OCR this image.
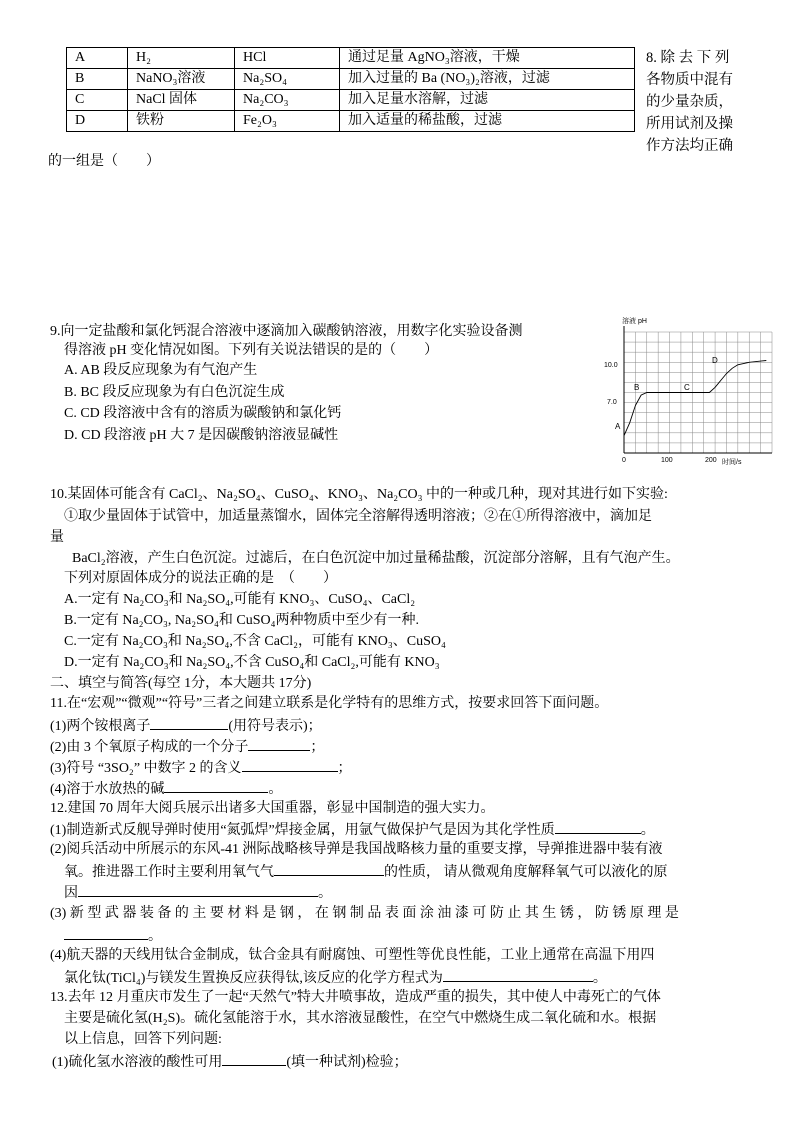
A	H₂	HCl	通过足量 AgNO₃溶液，干燥
B	NaNO₃溶液	Na₂SO₄	加入过量的 Ba (NO₃)₂溶液，过滤
C	NaCl 固体	Na₂CO₃	加入足量水溶解，过滤
D	铁粉	Fe₂O₃	加入适量的稀盐酸，过滤
8. 除 去 下 列
各物质中混有
的少量杂质，
所用试剂及操
作方法均正确
的一组是（　　）
9.向一定盐酸和氯化钙混合溶液中逐滴加入碳酸钠溶液，用数字化实验设备测
得溶液 pH 变化情况如图。下列有关说法错误的是的（　　）
A. AB 段反应现象为有气泡产生
B. BC 段反应现象为有白色沉淀生成
C. CD 段溶液中含有的溶质为碳酸钠和氯化钙
D. CD 段溶液 pH 大 7 是因碳酸钠溶液显碱性
溶液 pH
7.0
10.0
0	100	200 时间/s
A
B	C
D
10.某固体可能含有 CaCl₂、Na₂SO₄、CuSO₄、KNO₃、Na₂CO₃ 中的一种或几种，现对其进行如下实验:
①取少量固体于试管中，加适量蒸馏水，固体完全溶解得透明溶液；②在①所得溶液中，滴加足
量
BaCl₂溶液，产生白色沉淀。过滤后，在白色沉淀中加过量稀盐酸，沉淀部分溶解，且有气泡产生。
下列对原固体成分的说法正确的是　（　　）
A.一定有 Na₂CO₃和 Na₂SO₄,可能有 KNO₃、CuSO₄、CaCl₂
B.一定有 Na₂CO₃, Na₂SO₄和 CuSO₄两种物质中至少有一种.
C.一定有 Na₂CO₃和 Na₂SO₄,不含 CaCl₂，可能有 KNO₃、CuSO₄
D.一定有 Na₂CO₃和 Na₂SO₄,不含 CuSO₄和 CaCl₂,可能有 KNO₃
二、填空与简答(每空 1分，本大题共 17分)
11.在“宏观”“微观”“符号”三者之间建立联系是化学特有的思维方式，按要求回答下面问题。
(1)两个铵根离子	(用符号表示)；
(2)由 3 个氧原子构成的一个分子	；
(3)符号 “3SO₂” 中数字 2 的含义	；
(4)溶于水放热的碱	。
12.建国 70 周年大阅兵展示出诸多大国重器，彰显中国制造的强大实力。
(1)制造新式反舰导弹时使用“氮弧焊”焊接金属，用氩气做保护气是因为其化学性质	。
(2)阅兵活动中所展示的东风-41 洲际战略核导弹是我国战略核力量的重要支撑，导弹推进器中装有液
氧。推进器工作时主要利用氧气气	的性质， 请从微观角度解释氧气可以液化的原
因	。
(3) 新 型 武 器 装 备 的 主 要 材 料 是 钢 ， 在 钢 制 品 表 面 涂 油 漆 可 防 止 其 生 锈 ， 防 锈 原 理 是
。
(4)航天器的天线用钛合金制成，钛合金具有耐腐蚀、可塑性等优良性能，工业上通常在高温下用四
氯化钛(TiCl₄)与镁发生置换反应获得钛,该反应的化学方程式为	。
13.去年 12 月重庆市发生了一起“天然气”特大井喷事故，造成严重的损失，其中使人中毒死亡的气体
主要是硫化氢(H₂S)。硫化氢能溶于水，其水溶液显酸性，在空气中燃烧生成二氧化硫和水。根据
以上信息，回答下列问题:
(1)硫化氢水溶液的酸性可用	(填一种试剂)检验；
